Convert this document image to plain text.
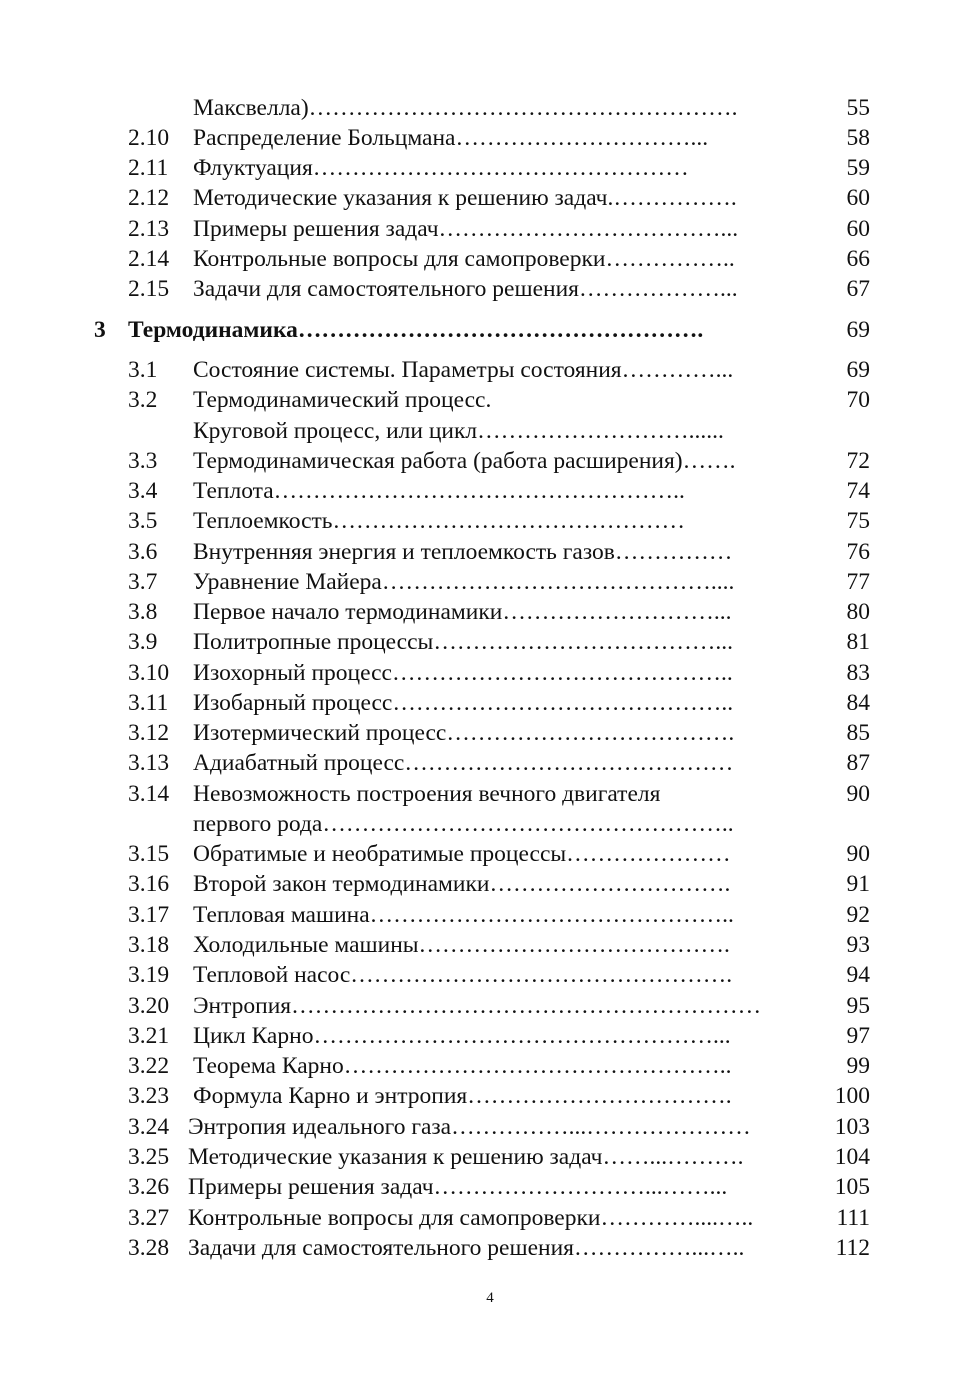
Максвелла)……………………………………………….	55
2.10 Распределение Больцмана…………………………...	58
2.11 Флуктуация…………………………………………	59
2.12 Методические указания к решению задач.…………….	60
2.13 Примеры решения задач………………………………...	60
2.14 Контрольные вопросы для самопроверки……………..	66
2.15 Задачи для самостоятельного решения………………...	67
3 Термодинамика…………………………………………….	69
3.1 Состояние системы. Параметры состояния…………...	69
3.2 Термодинамический процесс.	70
Круговой процесс, или цикл………………………......
3.3 Термодинамическая работа (работа расширения)…….	72
3.4 Теплота……………………………………………..	74
3.5 Теплоемкость………………………………………	75
3.6 Внутренняя энергия и теплоемкость газов……………	76
3.7 Уравнение Майера……………………………………....	77
3.8 Первое начало термодинамики………………………...	80
3.9 Политропные процессы………………………………...	81
3.10 Изохорный процесс……………………………………..	83
3.11 Изобарный процесс……………………………………..	84
3.12 Изотермический процесс……………………………….	85
3.13 Адиабатный процесс……………………………………	87
3.14 Невозможность построения вечного двигателя	90
первого рода……………………………………………..
3.15 Обратимые и необратимые процессы…………………	90
3.16 Второй закон термодинамики………………………….	91
3.17 Тепловая машина………………………………………..	92
3.18 Холодильные машины………………………………….	93
3.19 Тепловой насос………………………………………….	94
3.20 Энтропия……………………………………………………	95
3.21 Цикл Карно……………………………………………...	97
3.22 Теорема Карно…………………………………………..	99
3.23 Формула Карно и энтропия…………………………….	100
3.24 Энтропия идеального газа……………...…………………	103
3.25 Методические указания к решению задач……...……….	104
3.26 Примеры решения задач………………………...……...	105
3.27 Контрольные вопросы для самопроверки…………....…..	111
3.28 Задачи для самостоятельного решения……………...…..	112
4
